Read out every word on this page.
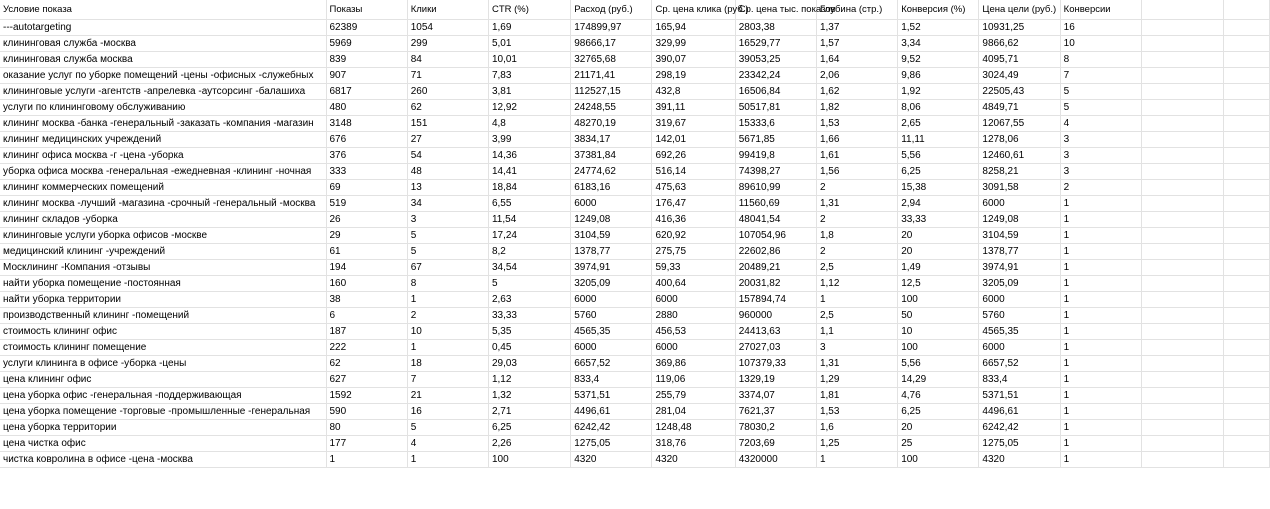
Условие показа	Показы	Клики	CTR (%)	Расход (руб.)	Ср. цена клика (руб.)	Ср. цена тыс. показов	Глубина (стр.)	Конверсия (%)	Цена цели (руб.)	Конверсии		
---autotargeting	62389	1054	1,69	174899,97	165,94	2803,38	1,37	1,52	10931,25	16		
клининговая служба -москва	5969	299	5,01	98666,17	329,99	16529,77	1,57	3,34	9866,62	10		
клининговая служба москва	839	84	10,01	32765,68	390,07	39053,25	1,64	9,52	4095,71	8		
оказание услуг по уборке помещений -цены -офисных -служебных	907	71	7,83	21171,41	298,19	23342,24	2,06	9,86	3024,49	7		
клининговые услуги -агентств -апрелевка -аутсорсинг -балашиха	6817	260	3,81	112527,15	432,8	16506,84	1,62	1,92	22505,43	5		
услуги по клининговому обслуживанию	480	62	12,92	24248,55	391,11	50517,81	1,82	8,06	4849,71	5		
клининг москва -банка -генеральный -заказать -компания -магазин	3148	151	4,8	48270,19	319,67	15333,6	1,53	2,65	12067,55	4		
клининг медицинских учреждений	676	27	3,99	3834,17	142,01	5671,85	1,66	11,11	1278,06	3		
клининг офиса москва -г -цена -уборка	376	54	14,36	37381,84	692,26	99419,8	1,61	5,56	12460,61	3		
уборка офиса москва -генеральная -ежедневная -клининг -ночная	333	48	14,41	24774,62	516,14	74398,27	1,56	6,25	8258,21	3		
клининг коммерческих помещений	69	13	18,84	6183,16	475,63	89610,99	2	15,38	3091,58	2		
клининг москва -лучший -магазина -срочный -генеральный -москва	519	34	6,55	6000	176,47	11560,69	1,31	2,94	6000	1		
клининг складов -уборка	26	3	11,54	1249,08	416,36	48041,54	2	33,33	1249,08	1		
клининговые услуги уборка офисов -москве	29	5	17,24	3104,59	620,92	107054,96	1,8	20	3104,59	1		
медицинский клининг -учреждений	61	5	8,2	1378,77	275,75	22602,86	2	20	1378,77	1		
Москлининг -Компания -отзывы	194	67	34,54	3974,91	59,33	20489,21	2,5	1,49	3974,91	1		
найти уборка помещение -постоянная	160	8	5	3205,09	400,64	20031,82	1,12	12,5	3205,09	1		
найти уборка территории	38	1	2,63	6000	6000	157894,74	1	100	6000	1		
производственный клининг -помещений	6	2	33,33	5760	2880	960000	2,5	50	5760	1		
стоимость клининг офис	187	10	5,35	4565,35	456,53	24413,63	1,1	10	4565,35	1		
стоимость клининг помещение	222	1	0,45	6000	6000	27027,03	3	100	6000	1		
услуги клининга в офисе -уборка -цены	62	18	29,03	6657,52	369,86	107379,33	1,31	5,56	6657,52	1		
цена клининг офис	627	7	1,12	833,4	119,06	1329,19	1,29	14,29	833,4	1		
цена уборка офис -генеральная -поддерживающая	1592	21	1,32	5371,51	255,79	3374,07	1,81	4,76	5371,51	1		
цена уборка помещение -торговые -промышленные -генеральная	590	16	2,71	4496,61	281,04	7621,37	1,53	6,25	4496,61	1		
цена уборка территории	80	5	6,25	6242,42	1248,48	78030,2	1,6	20	6242,42	1		
цена чистка офис	177	4	2,26	1275,05	318,76	7203,69	1,25	25	1275,05	1		
чистка ковролина в офисе -цена -москва	1	1	100	4320	4320	4320000	1	100	4320	1		
